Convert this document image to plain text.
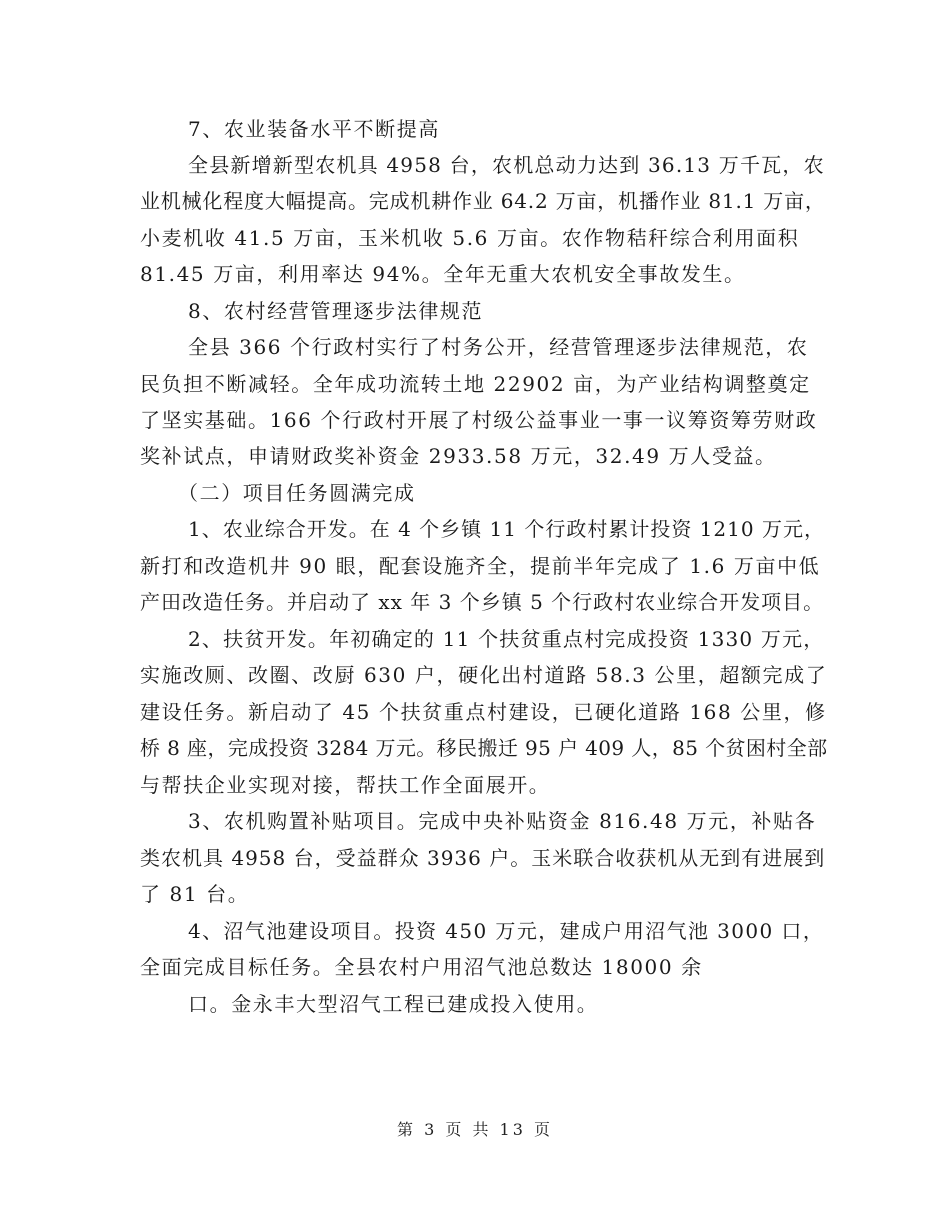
7、农业装备水平不断提高
全县新增新型农机具 4958 台，农机总动力达到 36.13 万千瓦，农
业机械化程度大幅提高。完成机耕作业 64.2 万亩，机播作业 81.1 万亩，
小麦机收 41.5 万亩，玉米机收 5.6 万亩。农作物秸秆综合利用面积
81.45 万亩，利用率达 94%。全年无重大农机安全事故发生。
8、农村经营管理逐步法律规范
全县 366 个行政村实行了村务公开，经营管理逐步法律规范，农
民负担不断减轻。全年成功流转土地 22902 亩，为产业结构调整奠定
了坚实基础。166 个行政村开展了村级公益事业一事一议筹资筹劳财政
奖补试点，申请财政奖补资金 2933.58 万元，32.49 万人受益。
（二）项目任务圆满完成
1、农业综合开发。在 4 个乡镇 11 个行政村累计投资 1210 万元，
新打和改造机井 90 眼，配套设施齐全，提前半年完成了 1.6 万亩中低
产田改造任务。并启动了 xx 年 3 个乡镇 5 个行政村农业综合开发项目。
2、扶贫开发。年初确定的 11 个扶贫重点村完成投资 1330 万元，
实施改厕、改圈、改厨 630 户，硬化出村道路 58.3 公里，超额完成了
建设任务。新启动了 45 个扶贫重点村建设，已硬化道路 168 公里，修
桥 8 座，完成投资 3284 万元。移民搬迁 95 户 409 人，85 个贫困村全部
与帮扶企业实现对接，帮扶工作全面展开。
3、农机购置补贴项目。完成中央补贴资金 816.48 万元，补贴各
类农机具 4958 台，受益群众 3936 户。玉米联合收获机从无到有进展到
了 81 台。
4、沼气池建设项目。投资 450 万元，建成户用沼气池 3000 口，
全面完成目标任务。全县农村户用沼气池总数达 18000 余
口。金永丰大型沼气工程已建成投入使用。
第 3 页 共 13 页
